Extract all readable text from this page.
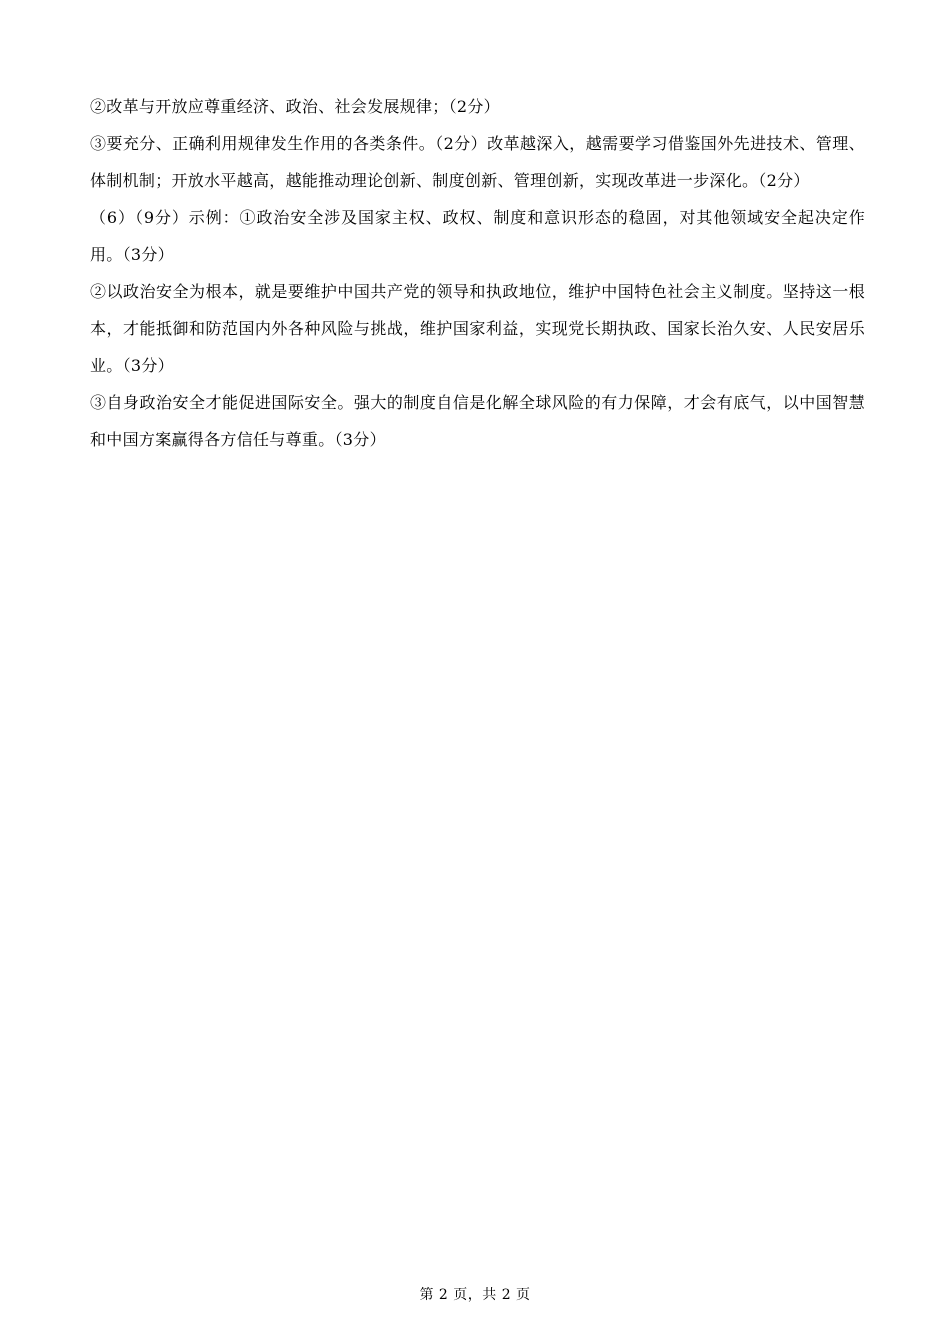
②改革与开放应尊重经济、政治、社会发展规律；（2分）

③要充分、正确利用规律发生作用的各类条件。（2分）改革越深入，越需要学习借鉴国外先进技术、管理、体制机制；开放水平越高，越能推动理论创新、制度创新、管理创新，实现改革进一步深化。（2分）

（6）（9分）示例：①政治安全涉及国家主权、政权、制度和意识形态的稳固，对其他领域安全起决定作用。（3分）

②以政治安全为根本，就是要维护中国共产党的领导和执政地位，维护中国特色社会主义制度。坚持这一根本，才能抵御和防范国内外各种风险与挑战，维护国家利益，实现党长期执政、国家长治久安、人民安居乐业。（3分）

③自身政治安全才能促进国际安全。强大的制度自信是化解全球风险的有力保障，才会有底气，以中国智慧和中国方案赢得各方信任与尊重。（3分）

第 2 页，共 2 页
